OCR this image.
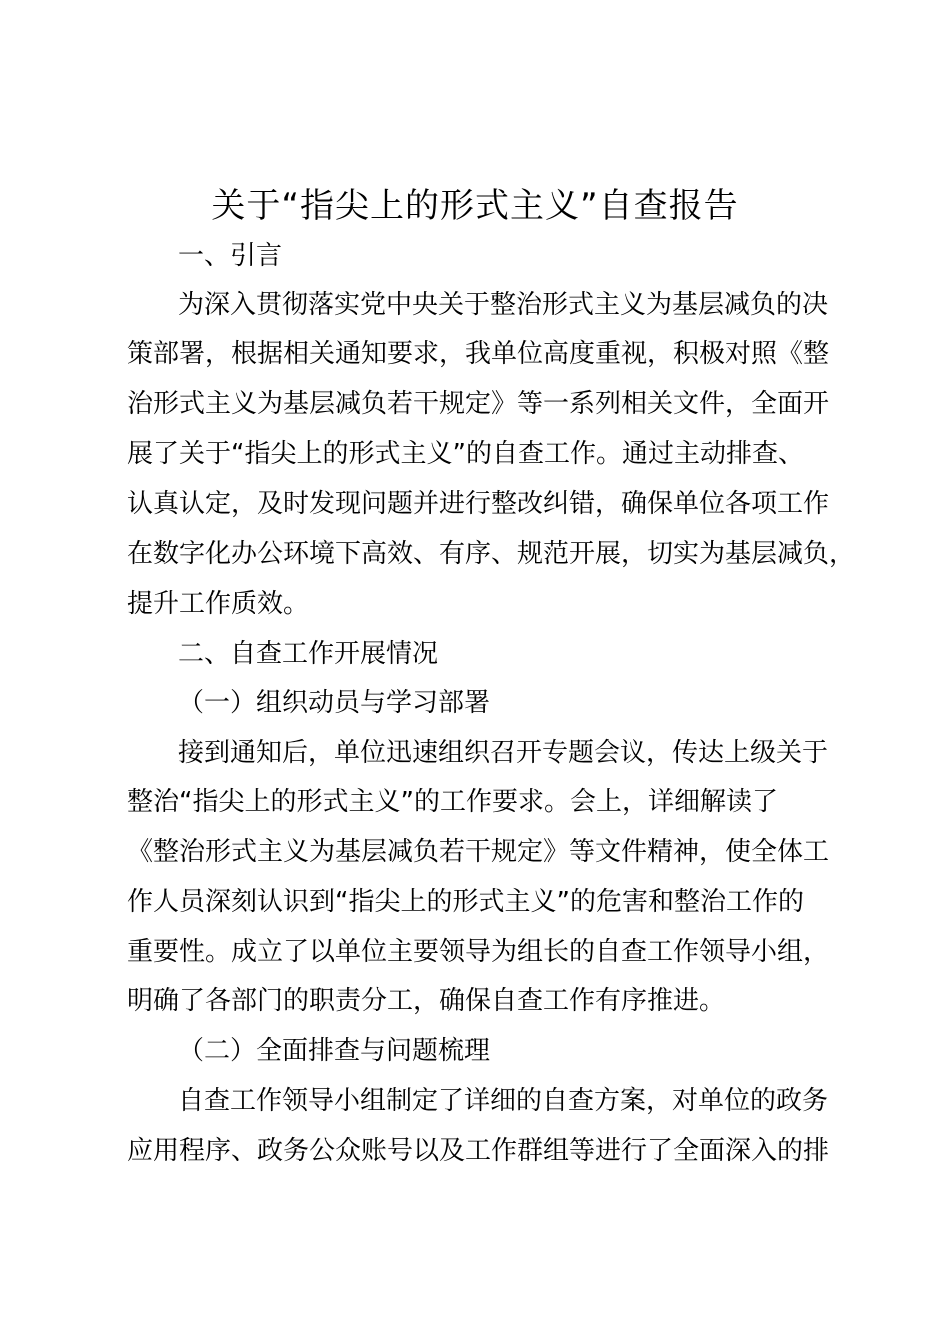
关于“指尖上的形式主义”自查报告
一、引言
为深入贯彻落实党中央关于整治形式主义为基层减负的决
策部署，根据相关通知要求，我单位高度重视，积极对照《整
治形式主义为基层减负若干规定》等一系列相关文件，全面开
展了关于“指尖上的形式主义”的自查工作。通过主动排查、
认真认定，及时发现问题并进行整改纠错，确保单位各项工作
在数字化办公环境下高效、有序、规范开展，切实为基层减负，
提升工作质效。
二、自查工作开展情况
（一）组织动员与学习部署
接到通知后，单位迅速组织召开专题会议，传达上级关于
整治“指尖上的形式主义”的工作要求。会上，详细解读了
《整治形式主义为基层减负若干规定》等文件精神，使全体工
作人员深刻认识到“指尖上的形式主义”的危害和整治工作的
重要性。成立了以单位主要领导为组长的自查工作领导小组，
明确了各部门的职责分工，确保自查工作有序推进。
（二）全面排查与问题梳理
自查工作领导小组制定了详细的自查方案，对单位的政务
应用程序、政务公众账号以及工作群组等进行了全面深入的排
